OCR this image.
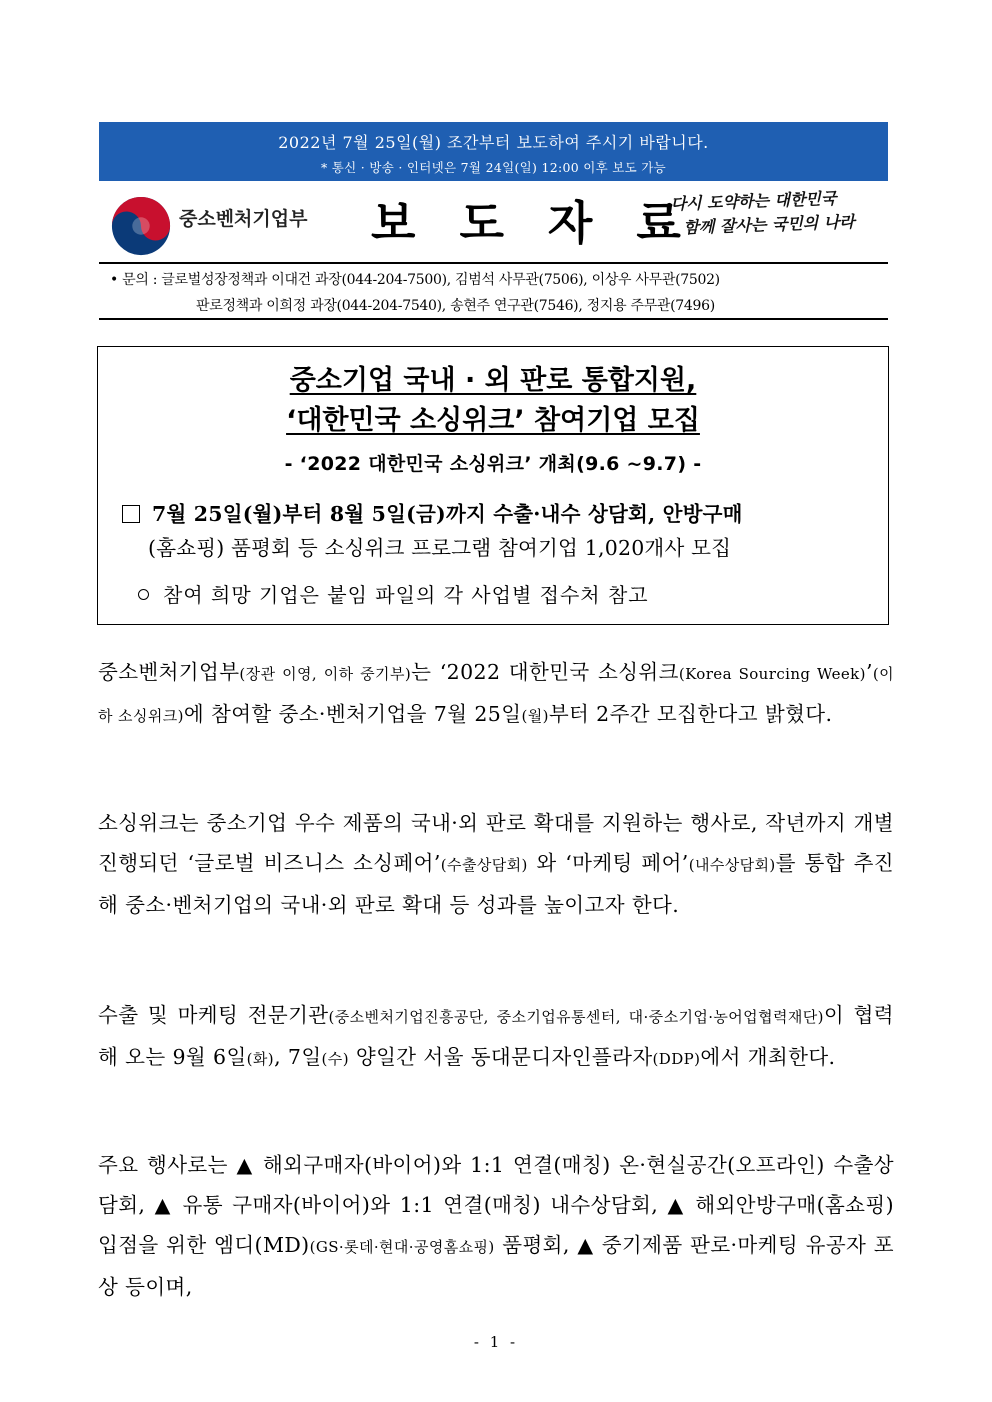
2022년 7월 25일(월) 조간부터 보도하여 주시기 바랍니다.
* 통신 · 방송 · 인터넷은 7월 24일(일) 12:00 이후 보도 가능
중소벤처기업부 보 도 자 료
다시 도약하는 대한민국
함께 잘사는 국민의 나라
• 문의 : 글로벌성장정책과 이대건 과장(044-204-7500), 김범석 사무관(7506), 이상우 사무관(7502)
판로정책과 이희정 과장(044-204-7540), 송현주 연구관(7546), 정지용 주무관(7496)
중소기업 국내 · 외 판로 통합지원,
‘대한민국 소싱위크’ 참여기업 모집
- ‘2022 대한민국 소싱위크’ 개최(9.6 ~9.7) -
7월 25일(월)부터 8월 5일(금)까지 수출·내수 상담회, 안방구매
(홈쇼핑) 품평회 등 소싱위크 프로그램 참여기업 1,020개사 모집
참여 희망 기업은 붙임 파일의 각 사업별 접수처 참고
중소벤처기업부(장관 이영, 이하 중기부)는 ‘2022 대한민국 소싱위크(Korea Sourcing Week)’(이하 소싱위크)에 참여할 중소·벤처기업을 7월 25일(월)부터 2주간 모집한다고 밝혔다.
소싱위크는 중소기업 우수 제품의 국내·외 판로 확대를 지원하는 행사로, 작년까지 개별진행되던 ‘글로벌 비즈니스 소싱페어’(수출상담회) 와 ‘마케팅 페어’(내수상담회)를 통합 추진해 중소·벤처기업의 국내·외 판로 확대 등 성과를 높이고자 한다.
수출 및 마케팅 전문기관(중소벤처기업진흥공단, 중소기업유통센터, 대·중소기업·농어업협력재단)이 협력해 오는 9월 6일(화), 7일(수) 양일간 서울 동대문디자인플라자(DDP)에서 개최한다.
주요 행사로는 ▲ 해외구매자(바이어)와 1:1 연결(매칭) 온·현실공간(오프라인) 수출상담회, ▲ 유통 구매자(바이어)와 1:1 연결(매칭) 내수상담회, ▲ 해외안방구매(홈쇼핑) 입점을 위한 엠디(MD)(GS·롯데·현대·공영홈쇼핑) 품평회, ▲ 중기제품 판로·마케팅 유공자 포상 등이며,
- 1 -
